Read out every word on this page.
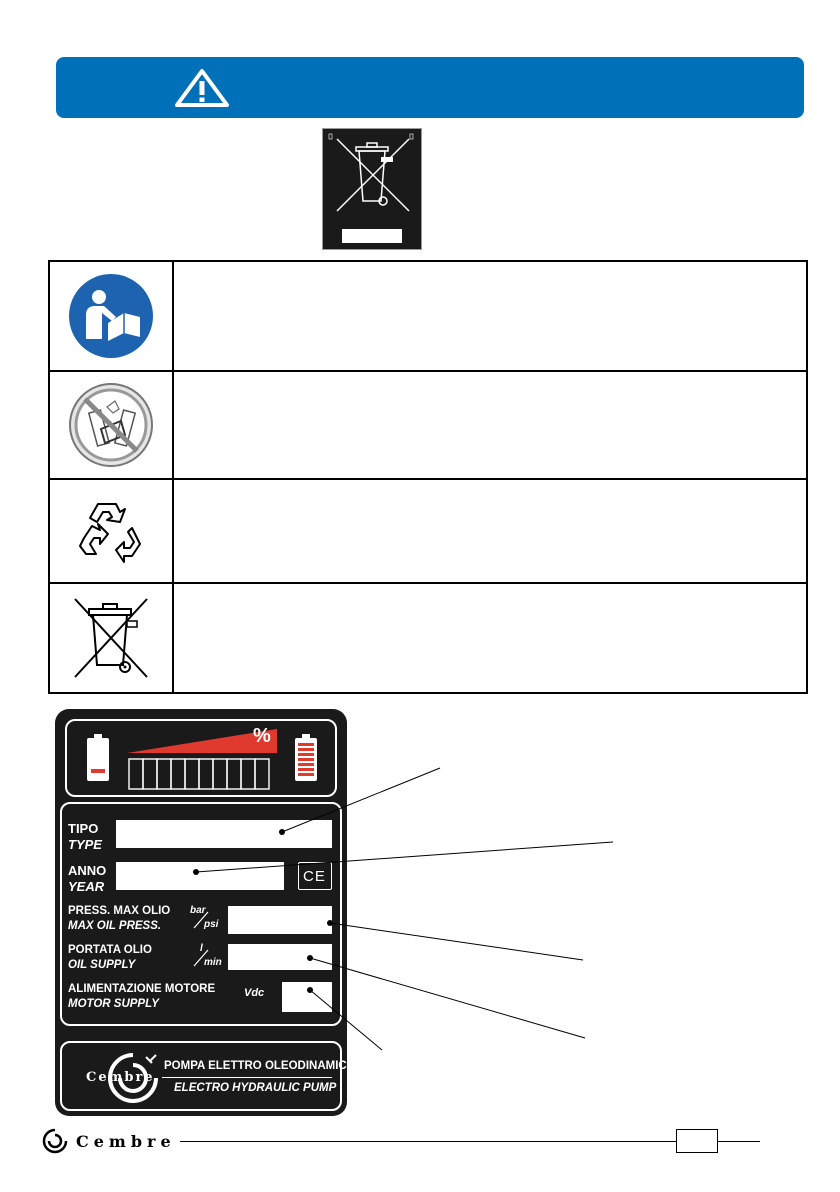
%
TIPO
TYPE
ANNO
YEAR
CE
PRESS. MAX OLIO
MAX OIL PRESS.
bar
psi
PORTATA OLIO
OIL SUPPLY
l
min
ALIMENTAZIONE MOTORE
MOTOR SUPPLY
Vdc
Cembre
POMPA ELETTRO OLEODINAMICA
ELECTRO HYDRAULIC PUMP
Cembre
